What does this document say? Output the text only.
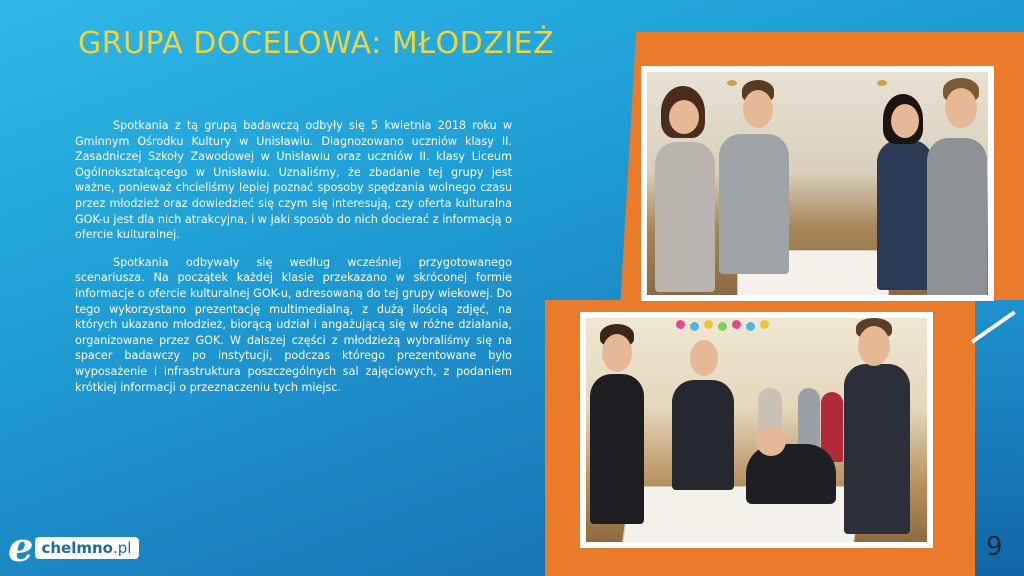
GRUPA DOCELOWA: MŁODZIEŻ

Spotkania z tą grupą badawczą odbyły się 5 kwietnia 2018 roku w Gminnym Ośrodku Kultury w Unisławiu. Diagnozowano uczniów klasy II. Zasadniczej Szkoły Zawodowej w Unisławiu oraz uczniów II. klasy Liceum Ogólnokształcącego w Unisławiu. Uznaliśmy, że zbadanie tej grupy jest ważne, ponieważ chcieliśmy lepiej poznać sposoby spędzania wolnego czasu przez młodzież oraz dowiedzieć się czym się interesują, czy oferta kulturalna GOK-u jest dla nich atrakcyjna, i w jaki sposób do nich docierać z informacją o ofercie kulturalnej.

Spotkania odbywały się według wcześniej przygotowanego scenariusza. Na początek każdej klasie przekazano w skróconej formie informacje o ofercie kulturalnej GOK-u, adresowaną do tej grupy wiekowej. Do tego wykorzystano prezentację multimedialną, z dużą ilością zdjęć, na których ukazano młodzież, biorącą udział i angażującą się w różne działania, organizowane przez GOK. W dalszej części z młodzieżą wybraliśmy się na spacer badawczy po instytucji, podczas którego prezentowane było wyposażenie i infrastruktura poszczególnych sal zajęciowych, z podaniem krótkiej informacji o przeznaczeniu tych miejsc.

e chelmno .pl	9
